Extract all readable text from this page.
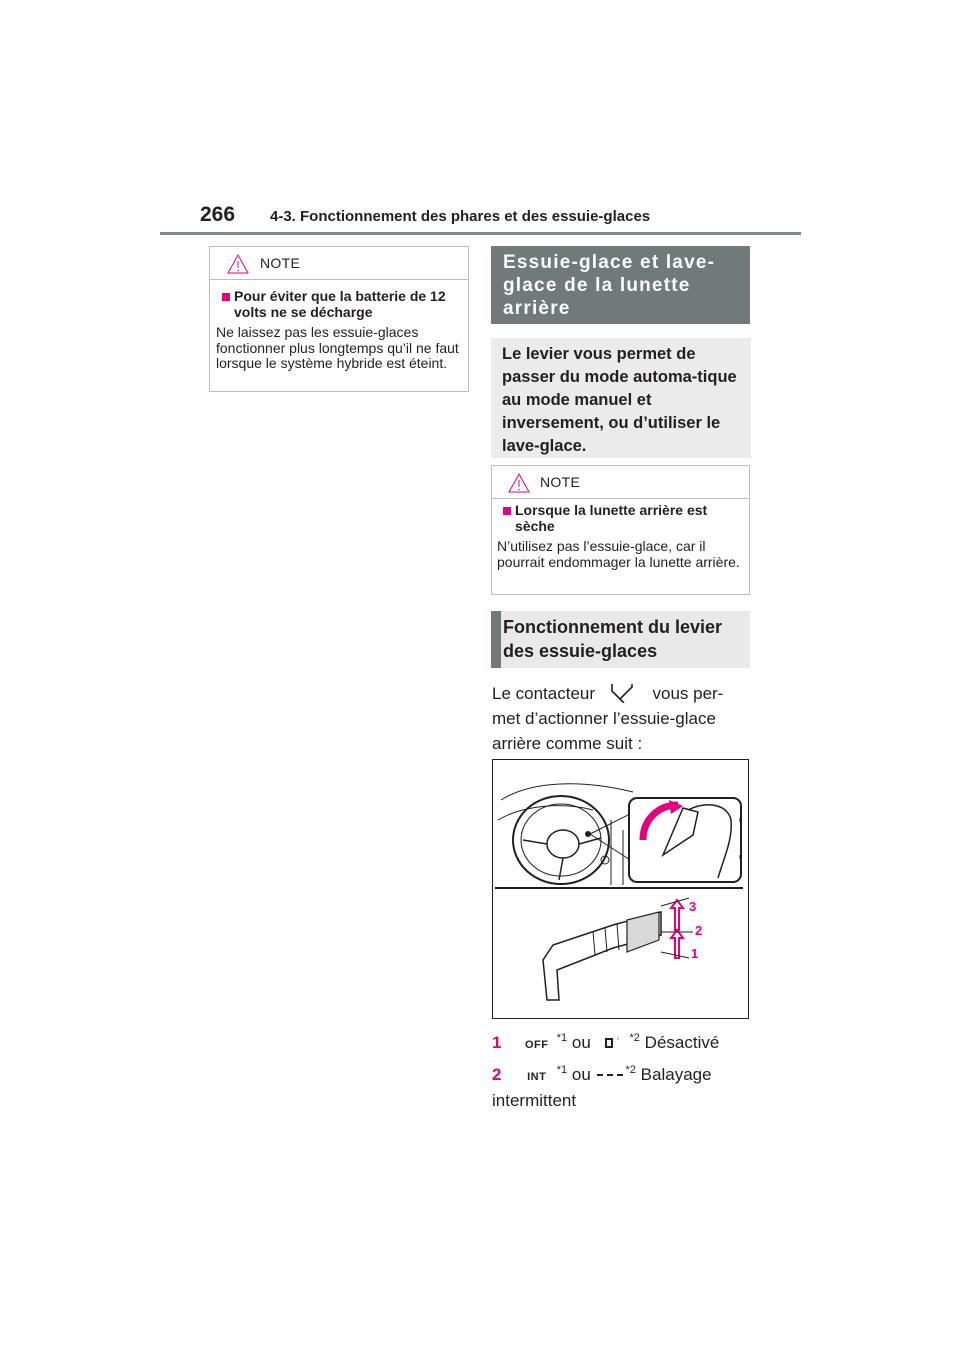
266 4-3. Fonctionnement des phares et des essuie-glaces
NOTE

Pour éviter que la batterie de 12 volts ne se décharge

Ne laissez pas les essuie-glaces fonctionner plus longtemps qu’il ne faut lorsque le système hybride est éteint.
Essuie-glace et lave-glace de la lunette arrière
Le levier vous permet de passer du mode automa-tique au mode manuel et inversement, ou d’utiliser le lave-glace.
NOTE

Lorsque la lunette arrière est sèche

N’utilisez pas l’essuie-glace, car il pourrait endommager la lunette arrière.
Fonctionnement du levier des essuie-glaces
Le contacteur	vous per-met d’actionner l’essuie-glace arrière comme suit :
3
2
1
1 OFF$^{*1}$ ou	$^{*2}$ Désactivé
2 INT$^{*1}$ ou	$^{*2}$ Balayage intermittent
